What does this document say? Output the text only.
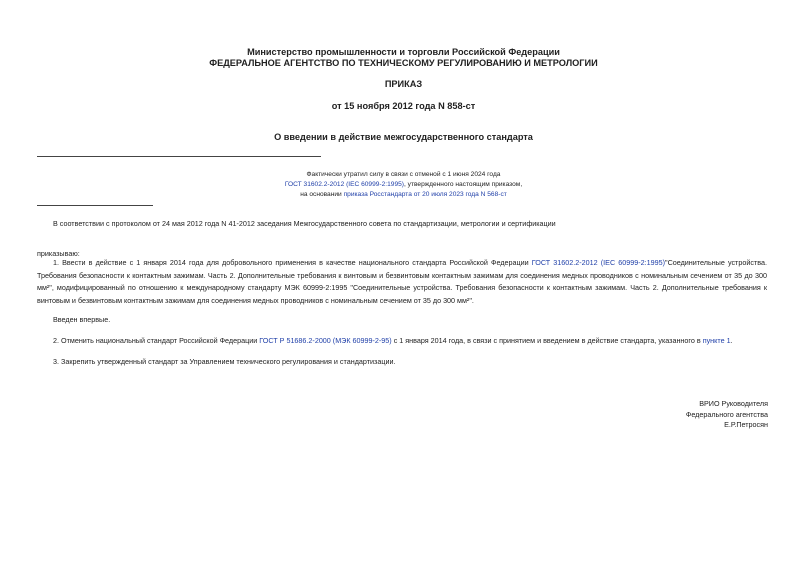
Министерство промышленности и торговли Российской Федерации
ФЕДЕРАЛЬНОЕ АГЕНТСТВО ПО ТЕХНИЧЕСКОМУ РЕГУЛИРОВАНИЮ И МЕТРОЛОГИИ
ПРИКАЗ
от 15 ноября 2012 года N 858-ст
О введении в действие межгосударственного стандарта
Фактически утратил силу в связи с отменой с 1 июня 2024 года
ГОСТ 31602.2-2012 (IEC 60999-2:1995), утвержденного настоящим приказом,
на основании приказа Росстандарта от 20 июля 2023 года N 568-ст
В соответствии с протоколом от 24 мая 2012 года N 41-2012 заседания Межгосударственного совета по стандартизации, метрологии и сертификации
приказываю:
1. Ввести в действие с 1 января 2014 года для добровольного применения в качестве национального стандарта Российской Федерации ГОСТ 31602.2-2012 (IEC 60999-2:1995)"Соединительные устройства. Требования безопасности к контактным зажимам. Часть 2. Дополнительные требования к винтовым и безвинтовым контактным зажимам для соединения медных проводников с номинальным сечением от 35 до 300 мм²", модифицированный по отношению к международному стандарту МЭК 60999-2:1995 "Соединительные устройства. Требования безопасности к контактным зажимам. Часть 2. Дополнительные требования к винтовым и безвинтовым контактным зажимам для соединения медных проводников с номинальным сечением от 35 до 300 мм²".
Введен впервые.
2. Отменить национальный стандарт Российской Федерации ГОСТ Р 51686.2-2000 (МЭК 60999-2-95) с 1 января 2014 года, в связи с принятием и введением в действие стандарта, указанного в пункте 1.
3. Закрепить утвержденный стандарт за Управлением технического регулирования и стандартизации.
ВРИО Руководителя
Федерального агентства
Е.Р.Петросян
